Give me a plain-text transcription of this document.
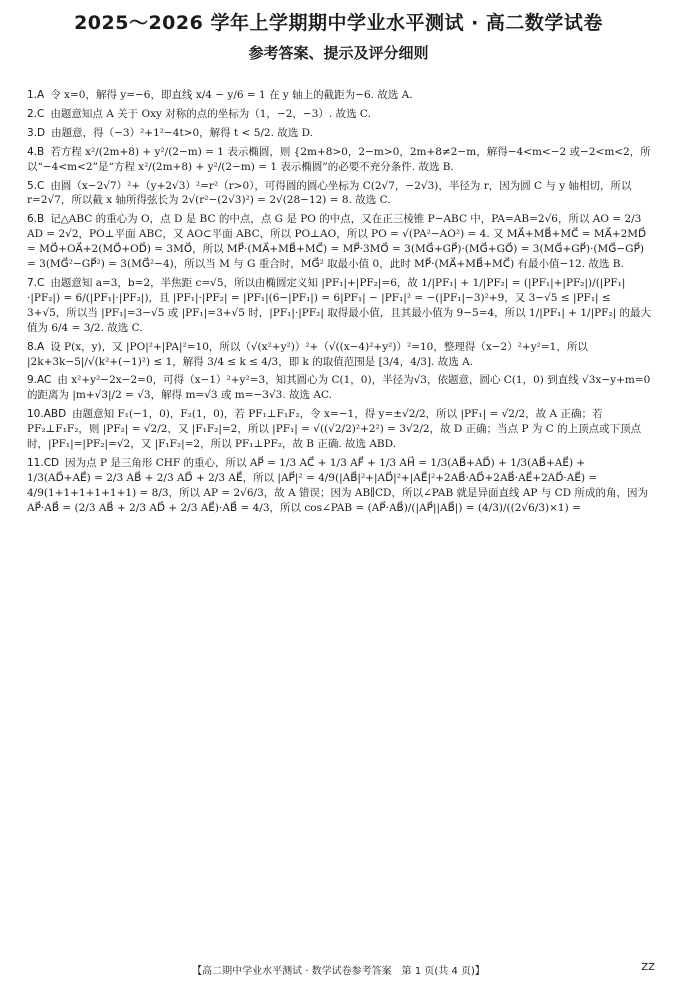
2025～2026 学年上学期期中学业水平测试 · 高二数学试卷
参考答案、提示及评分细则
1.A 令 x=0，解得 y=−6，即直线 x/4 − y/6 = 1 在 y 轴上的截距为−6. 故选 A.
2.C 由题意知点 A 关于 Oxy 对称的点的坐标为（1，−2，−3）. 故选 C.
3.D 由题意，得（−3）²+1²−4t>0，解得 t < 5/2. 故选 D.
4.B 若方程 x²/(2m+8) + y²/(2−m) = 1 表示椭圆，则 {2m+8>0，2−m>0，2m+8≠2−m，解得−4<m<−2 或−2<m<2，所以“−4<m<2”是“方程 x²/(2m+8) + y²/(2−m) = 1 表示椭圆”的必要不充分条件. 故选 B.
5.C 由圆（x−2√7）²+（y+2√3）²=r²（r>0），可得圆的圆心坐标为 C(2√7，−2√3)，半径为 r，因为圆 C 与 y 轴相切，所以 r=2√7，所以截 x 轴所得弦长为 2√(r²−(2√3)²) = 2√(28−12) = 8. 故选 C.
6.B 记△ABC 的重心为 O，点 D 是 BC 的中点，点 G 是 PO 的中点，又在正三棱锥 P−ABC 中，PA=AB=2√6，所以 AO = 2/3 AD = 2√2，PO⊥平面 ABC，又 AO⊂平面 ABC，所以 PO⊥AO，所以 PO = √(PA²−AO²) = 4. 又 MA⃗+MB⃗+MC⃗ = MA⃗+2MD⃗ = MO⃗+OA⃗+2(MO⃗+OD⃗) = 3MO⃗，所以 MP⃗·(MA⃗+MB⃗+MC⃗) = MP⃗·3MO⃗ = 3(MG⃗+GP⃗)·(MG⃗+GO⃗) = 3(MG⃗+GP⃗)·(MG⃗−GP⃗) = 3(MG⃗²−GP⃗²) = 3(MG⃗²−4)，所以当 M 与 G 重合时，MG⃗² 取最小值 0，此时 MP⃗·(MA⃗+MB⃗+MC⃗) 有最小值−12. 故选 B.
7.C 由题意知 a=3，b=2，半焦距 c=√5，所以由椭圆定义知 |PF₁|+|PF₂|=6，故 1/|PF₁| + 1/|PF₂| = (|PF₁|+|PF₂|)/(|PF₁|·|PF₂|) = 6/(|PF₁|·|PF₂|)，且 |PF₁|·|PF₂| = |PF₁|(6−|PF₁|) = 6|PF₁| − |PF₁|² = −(|PF₁|−3)²+9，又 3−√5 ≤ |PF₁| ≤ 3+√5，所以当 |PF₁|=3−√5 或 |PF₁|=3+√5 时，|PF₁|·|PF₂| 取得最小值，且其最小值为 9−5=4，所以 1/|PF₁| + 1/|PF₂| 的最大值为 6/4 = 3/2. 故选 C.
8.A 设 P(x，y)，又 |PO|²+|PA|²=10，所以（√(x²+y²)）²+（√((x−4)²+y²)）²=10，整理得（x−2）²+y²=1，所以 |2k+3k−5|/√(k²+(−1)²) ≤ 1，解得 3/4 ≤ k ≤ 4/3，即 k 的取值范围是 [3/4，4/3]. 故选 A.
9.AC 由 x²+y²−2x−2=0，可得（x−1）²+y²=3，知其圆心为 C(1，0)，半径为√3，依题意，圆心 C(1，0) 到直线 √3x−y+m=0 的距离为 |m+√3|/2 = √3，解得 m=√3 或 m=−3√3. 故选 AC.
10.ABD 由题意知 F₁(−1，0)，F₂(1，0)，若 PF₁⊥F₁F₂，令 x=−1，得 y=±√2/2，所以 |PF₁| = √2/2，故 A 正确；若 PF₂⊥F₁F₂，则 |PF₂| = √2/2，又 |F₁F₂|=2，所以 |PF₁| = √((√2/2)²+2²) = 3√2/2，故 D 正确；当点 P 为 C 的上顶点或下顶点时，|PF₁|=|PF₂|=√2，又 |F₁F₂|=2，所以 PF₁⊥PF₂，故 B 正确. 故选 ABD.
11.CD 因为点 P 是三角形 CHF 的重心，所以 AP⃗ = 1/3 AC⃗ + 1/3 AF⃗ + 1/3 AH⃗ = 1/3(AB⃗+AD⃗) + 1/3(AB⃗+AE⃗) + 1/3(AD⃗+AE⃗) = 2/3 AB⃗ + 2/3 AD⃗ + 2/3 AE⃗，所以 |AP⃗|² = 4/9(|AB⃗|²+|AD⃗|²+|AE⃗|²+2AB⃗·AD⃗+2AB⃗·AE⃗+2AD⃗·AE⃗) = 4/9(1+1+1+1+1+1) = 8/3，所以 AP = 2√6/3，故 A 错误；因为 AB∥CD，所以∠PAB 就是异面直线 AP 与 CD 所成的角，因为 AP⃗·AB⃗ = (2/3 AB⃗ + 2/3 AD⃗ + 2/3 AE⃗)·AB⃗ = 4/3，所以 cos∠PAB = (AP⃗·AB⃗)/(|AP⃗||AB⃗|) = (4/3)/((2√6/3)×1) =
【高二期中学业水平测试 · 数学试卷参考答案　第 1 页(共 4 页)】	ZZ
